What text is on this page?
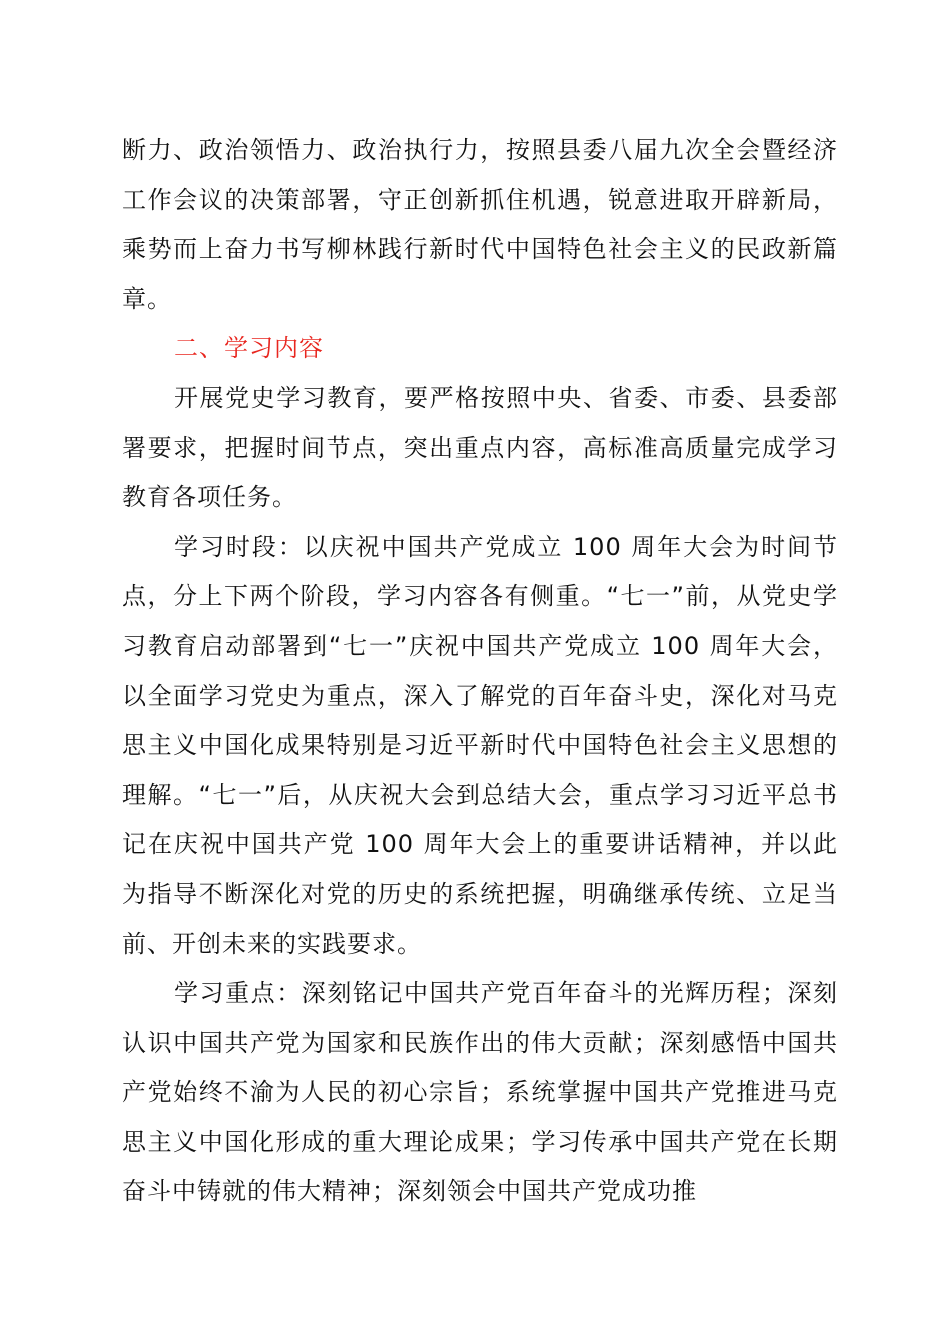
断力、政治领悟力、政治执行力，按照县委八届九次全会暨经济工作会议的决策部署，守正创新抓住机遇，锐意进取开辟新局，乘势而上奋力书写柳林践行新时代中国特色社会主义的民政新篇章。

二、学习内容

开展党史学习教育，要严格按照中央、省委、市委、县委部署要求，把握时间节点，突出重点内容，高标准高质量完成学习教育各项任务。

学习时段：以庆祝中国共产党成立 100 周年大会为时间节点，分上下两个阶段，学习内容各有侧重。“七一”前，从党史学习教育启动部署到“七一”庆祝中国共产党成立 100 周年大会，以全面学习党史为重点，深入了解党的百年奋斗史，深化对马克思主义中国化成果特别是习近平新时代中国特色社会主义思想的理解。“七一”后，从庆祝大会到总结大会，重点学习习近平总书记在庆祝中国共产党 100 周年大会上的重要讲话精神，并以此为指导不断深化对党的历史的系统把握，明确继承传统、立足当前、开创未来的实践要求。

学习重点：深刻铭记中国共产党百年奋斗的光辉历程；深刻认识中国共产党为国家和民族作出的伟大贡献；深刻感悟中国共产党始终不渝为人民的初心宗旨；系统掌握中国共产党推进马克思主义中国化形成的重大理论成果；学习传承中国共产党在长期奋斗中铸就的伟大精神；深刻领会中国共产党成功推
